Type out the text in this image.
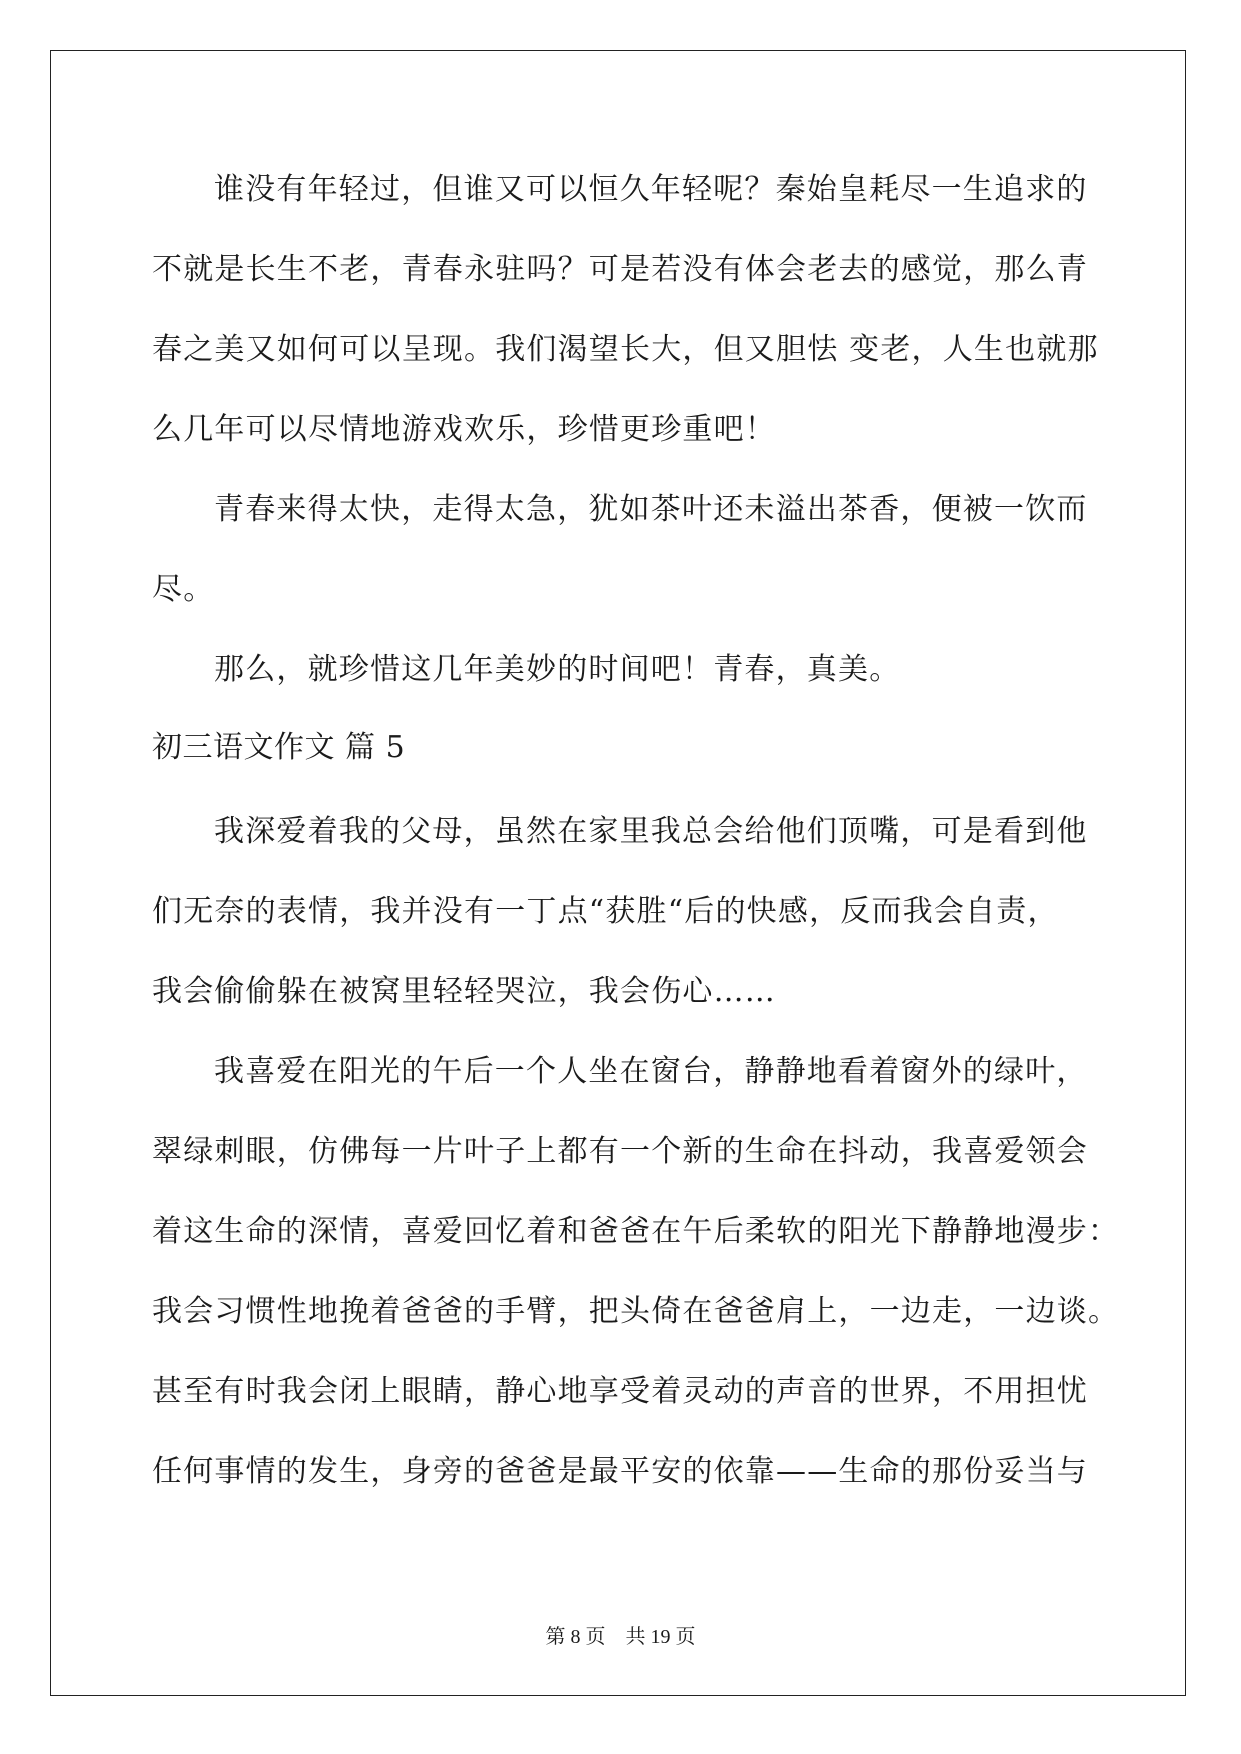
谁没有年轻过，但谁又可以恒久年轻呢？秦始皇耗尽一生追求的
不就是长生不老，青春永驻吗？可是若没有体会老去的感觉，那么青
春之美又如何可以呈现。我们渴望长大，但又胆怯 变老，人生也就那
么几年可以尽情地游戏欢乐，珍惜更珍重吧！
青春来得太快，走得太急，犹如茶叶还未溢出茶香，便被一饮而
尽。
那么，就珍惜这几年美妙的时间吧！青春，真美。
初三语文作文 篇 5
我深爱着我的父母，虽然在家里我总会给他们顶嘴，可是看到他
们无奈的表情，我并没有一丁点“获胜“后的快感，反而我会自责，
我会偷偷躲在被窝里轻轻哭泣，我会伤心……
我喜爱在阳光的午后一个人坐在窗台，静静地看着窗外的绿叶，
翠绿刺眼，仿佛每一片叶子上都有一个新的生命在抖动，我喜爱领会
着这生命的深情，喜爱回忆着和爸爸在午后柔软的阳光下静静地漫步：
我会习惯性地挽着爸爸的手臂，把头倚在爸爸肩上，一边走，一边谈。
甚至有时我会闭上眼睛，静心地享受着灵动的声音的世界，不用担忧
任何事情的发生，身旁的爸爸是最平安的依靠——生命的那份妥当与
第 8 页    共 19 页
